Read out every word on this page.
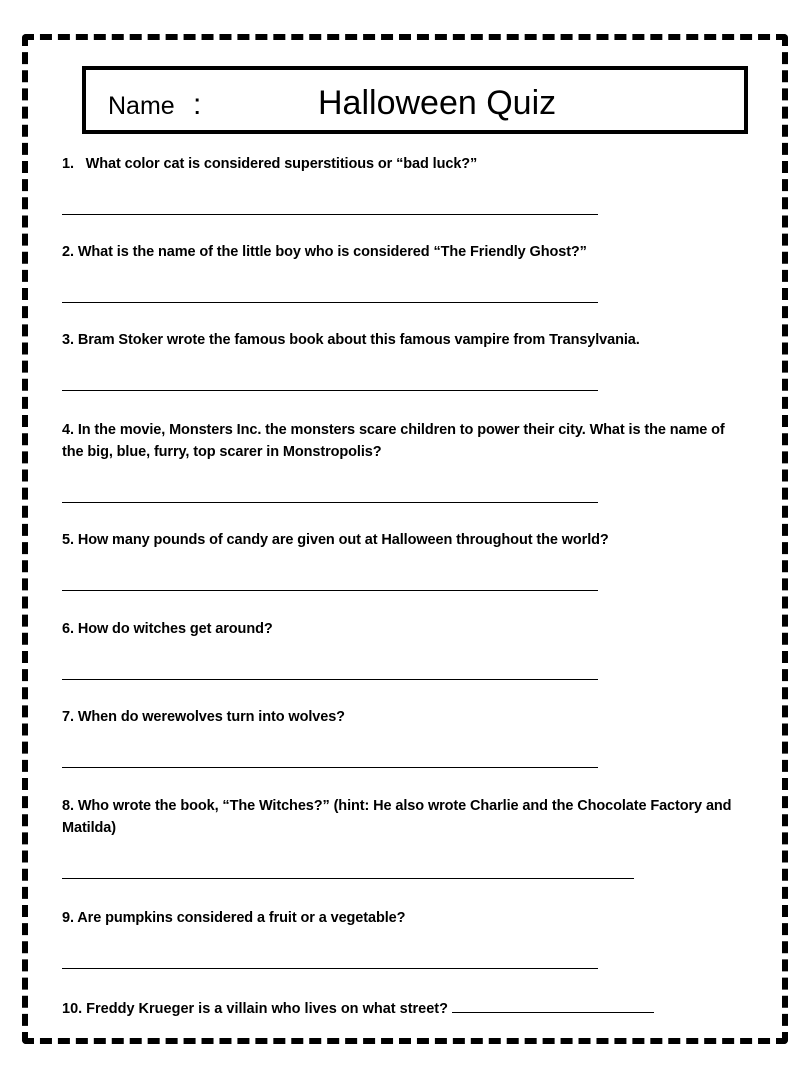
Name :	Halloween Quiz
1.   What color cat is considered superstitious or “bad luck?”
2. What is the name of the little boy who is considered “The Friendly Ghost?”
3. Bram Stoker wrote the famous book about this famous vampire from Transylvania.
4. In the movie, Monsters Inc. the monsters scare children to power their city. What is the name of the big, blue, furry, top scarer in Monstropolis?
5. How many pounds of candy are given out at Halloween throughout the world?
6. How do witches get around?
7. When do werewolves turn into wolves?
8. Who wrote the book, “The Witches?” (hint: He also wrote Charlie and the Chocolate Factory and Matilda)
9. Are pumpkins considered a fruit or a vegetable?
10. Freddy Krueger is a villain who lives on what street?
